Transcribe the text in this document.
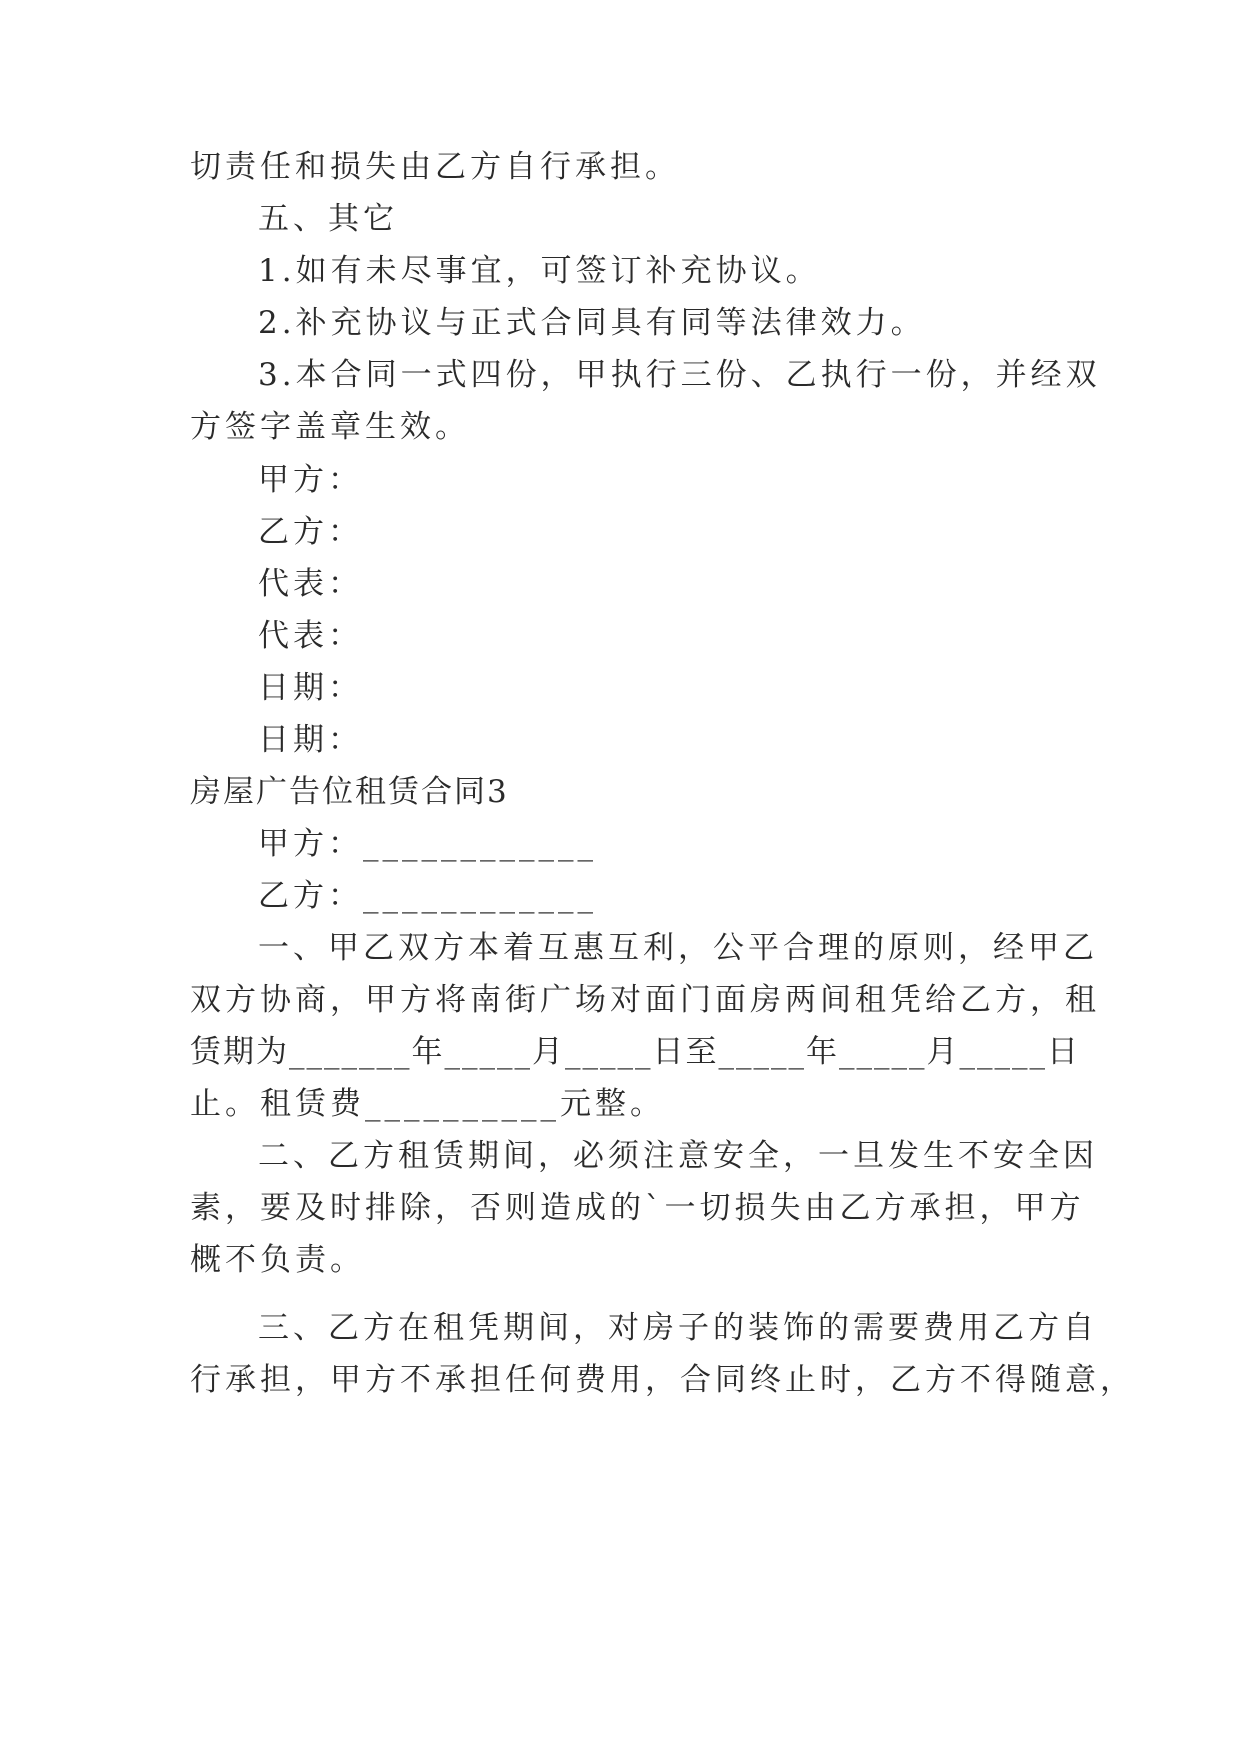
切责任和损失由乙方自行承担。
五、其它
1.如有未尽事宜，可签订补充协议。
2.补充协议与正式合同具有同等法律效力。
3.本合同一式四份，甲执行三份、乙执行一份，并经双
方签字盖章生效。
甲方：
乙方：
代表：
代表：
日期：
日期：
房屋广告位租赁合同3
甲方：____________
乙方：____________
一、甲乙双方本着互惠互利，公平合理的原则，经甲乙
双方协商，甲方将南街广场对面门面房两间租凭给乙方，租
赁期为_______年_____月_____日至_____年_____月_____日
止。租赁费__________元整。
二、乙方租赁期间，必须注意安全，一旦发生不安全因
素，要及时排除，否则造成的`一切损失由乙方承担，甲方
概不负责。
三、乙方在租凭期间，对房子的装饰的需要费用乙方自
行承担，甲方不承担任何费用，合同终止时，乙方不得随意，
